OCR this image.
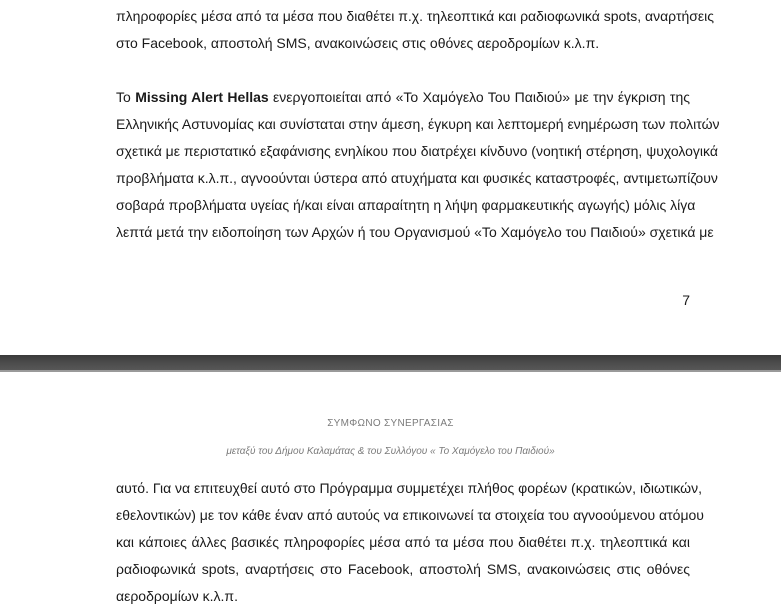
πληροφορίες μέσα από τα μέσα που διαθέτει π.χ. τηλεοπτικά και ραδιοφωνικά spots, αναρτήσεις
στο Facebook, αποστολή SMS, ανακοινώσεις στις οθόνες αεροδρομίων κ.λ.π.
Το Missing Alert Hellas ενεργοποιείται από «Το Χαμόγελο Του Παιδιού» με την έγκριση της
Ελληνικής Αστυνομίας και συνίσταται στην άμεση, έγκυρη και λεπτομερή ενημέρωση των πολιτών
σχετικά με περιστατικό εξαφάνισης ενηλίκου που διατρέχει κίνδυνο (νοητική στέρηση, ψυχολογικά
προβλήματα κ.λ.π., αγνοούνται ύστερα από ατυχήματα και φυσικές καταστροφές, αντιμετωπίζουν
σοβαρά προβλήματα υγείας ή/και είναι απαραίτητη η λήψη φαρμακευτικής αγωγής) μόλις λίγα
λεπτά μετά την ειδοποίηση των Αρχών ή του Οργανισμού «Το Χαμόγελο του Παιδιού» σχετικά με
7
ΣΥΜΦΩΝΟ ΣΥΝΕΡΓΑΣΙΑΣ
μεταξύ του Δήμου Καλαμάτας & του Συλλόγου « Το Χαμόγελο του Παιδιού»
αυτό. Για να επιτευχθεί αυτό στο Πρόγραμμα συμμετέχει πλήθος φορέων (κρατικών, ιδιωτικών,
εθελοντικών) με τον κάθε έναν από αυτούς να επικοινωνεί τα στοιχεία του αγνοούμενου ατόμου
και κάποιες άλλες βασικές πληροφορίες μέσα από τα μέσα που διαθέτει π.χ. τηλεοπτικά και
ραδιοφωνικά spots, αναρτήσεις στο Facebook, αποστολή SMS, ανακοινώσεις στις οθόνες
αεροδρομίων κ.λ.π.
